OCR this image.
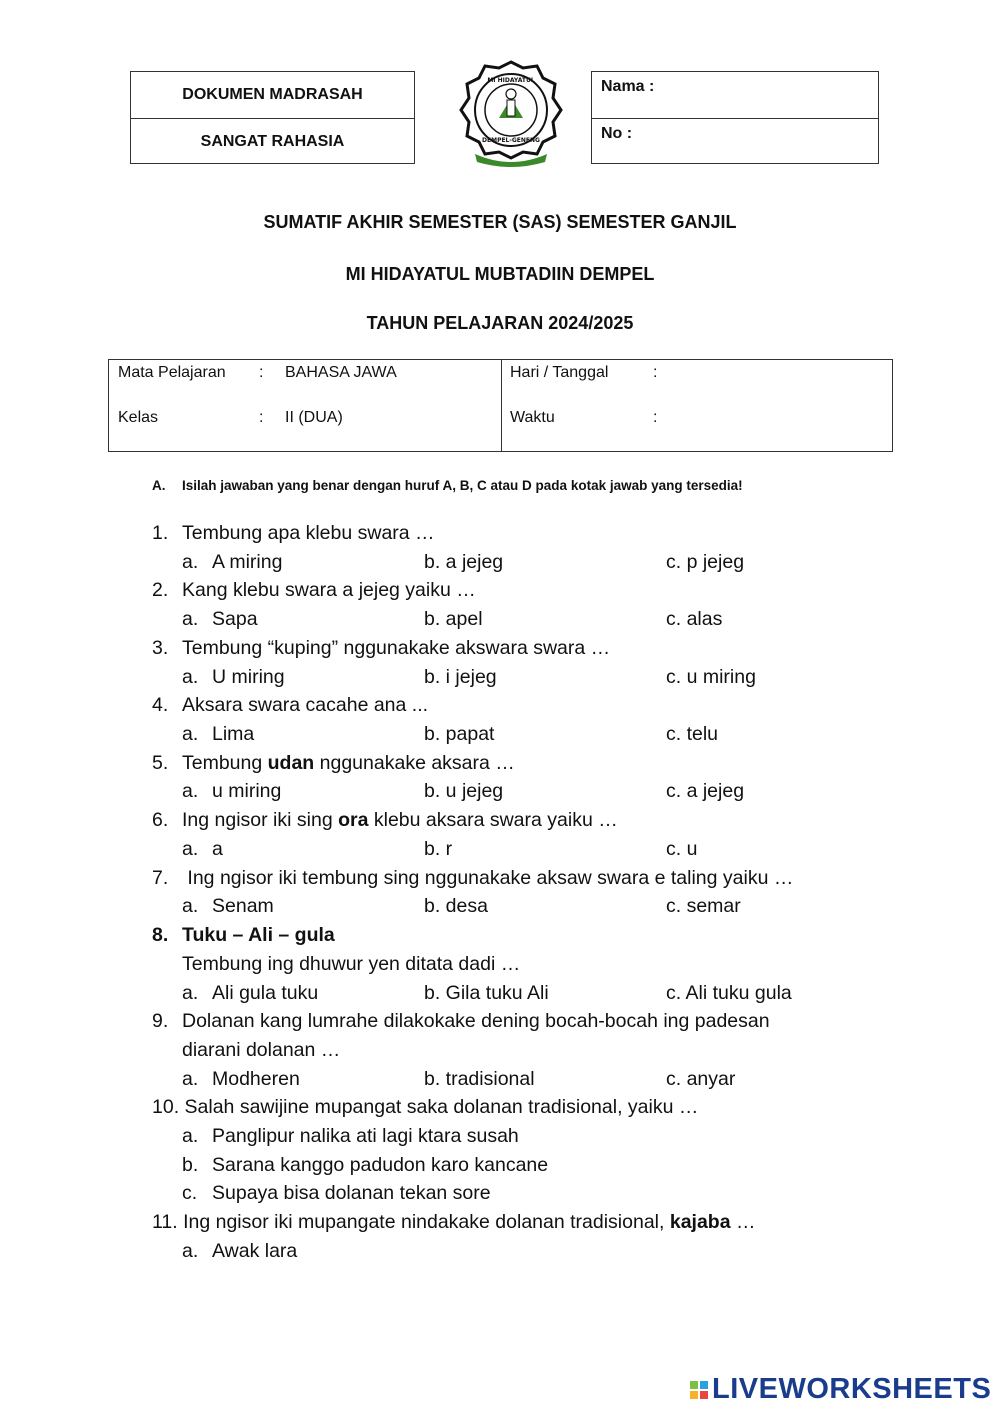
DOKUMEN MADRASAH
SANGAT RAHASIA
MI HIDAYATUL
DEMPEL-GENENG
Nama :
No :
SUMATIF AKHIR SEMESTER (SAS) SEMESTER GANJIL
MI HIDAYATUL MUBTADIIN DEMPEL
TAHUN PELAJARAN 2024/2025
Mata Pelajaran : BAHASA JAWA
Kelas	: II (DUA)
Hari / Tanggal	:
Waktu	:
A. Isilah jawaban yang benar dengan huruf A, B, C atau D pada kotak jawab yang tersedia!
1. Tembung apa klebu swara …
a. A miring	b. a jejeg	c. p jejeg
2. Kang klebu swara a jejeg yaiku …
a. Sapa	b. apel	c. alas
3. Tembung “kuping” nggunakake akswara swara …
a. U miring	b. i jejeg	c. u miring
4. Aksara swara cacahe ana ...
a. Lima	b. papat	c. telu
5. Tembung udan nggunakake aksara …
a. u miring	b. u jejeg	c. a jejeg
6. Ing ngisor iki sing ora klebu aksara swara yaiku …
a. a	b. r	c. u
7. Ing ngisor iki tembung sing nggunakake aksaw swara e taling yaiku …
a. Senam	b. desa	c. semar
8. Tuku – Ali – gula
Tembung ing dhuwur yen ditata dadi …
a. Ali gula tuku	b. Gila tuku Ali	c. Ali tuku gula
9. Dolanan kang lumrahe dilakokake dening bocah-bocah ing padesan
diarani dolanan …
a. Modheren	b. tradisional	c. anyar
10. Salah sawijine mupangat saka dolanan tradisional, yaiku …
a. Panglipur nalika ati lagi ktara susah
b. Sarana kanggo padudon karo kancane
c. Supaya bisa dolanan tekan sore
11. Ing ngisor iki mupangate nindakake dolanan tradisional, kajaba …
a. Awak lara
LIVEWORKSHEETS
